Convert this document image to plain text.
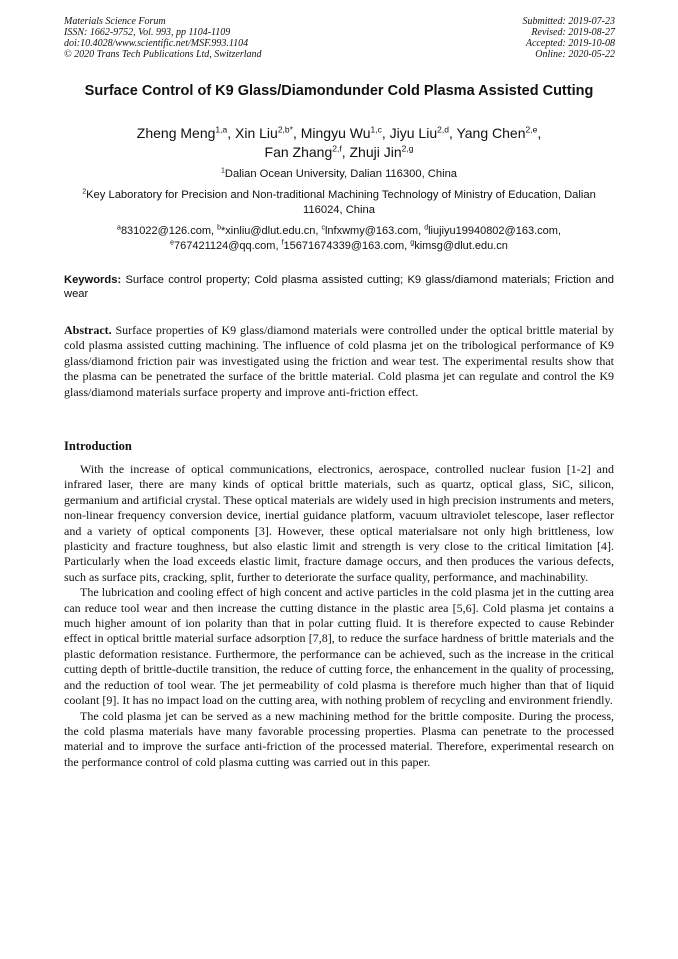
Materials Science Forum
ISSN: 1662-9752, Vol. 993, pp 1104-1109
doi:10.4028/www.scientific.net/MSF.993.1104
© 2020 Trans Tech Publications Ltd, Switzerland
Submitted: 2019-07-23
Revised: 2019-08-27
Accepted: 2019-10-08
Online: 2020-05-22
Surface Control of K9 Glass/Diamondunder Cold Plasma Assisted Cutting
Zheng Meng$^{1,a}$, Xin Liu$^{2,b*}$, Mingyu Wu$^{1,c}$, Jiyu Liu$^{2,d}$, Yang Chen$^{2,e}$,
Fan Zhang$^{2,f}$, Zhuji Jin$^{2,g}$
$^1$Dalian Ocean University, Dalian 116300, China
$^2$Key Laboratory for Precision and Non-traditional Machining Technology of Ministry of Education, Dalian 116024, China
$^a$831022@126.com, $^b$*xinliu@dlut.edu.cn, $^c$lnfxwmy@163.com, $^d$liujiyu19940802@163.com,
$^e$767421124@qq.com, $^f$15671674339@163.com, $^g$kimsg@dlut.edu.cn
Keywords: Surface control property; Cold plasma assisted cutting; K9 glass/diamond materials; Friction and wear

Abstract. Surface properties of K9 glass/diamond materials were controlled under the optical brittle material by cold plasma assisted cutting machining. The influence of cold plasma jet on the tribological performance of K9 glass/diamond friction pair was investigated using the friction and wear test. The experimental results show that the plasma can be penetrated the surface of the brittle material. Cold plasma jet can regulate and control the K9 glass/diamond materials surface property and improve anti-friction effect.

Introduction

With the increase of optical communications, electronics, aerospace, controlled nuclear fusion [1-2] and infrared laser, there are many kinds of optical brittle materials, such as quartz, optical glass, SiC, silicon, germanium and artificial crystal. These optical materials are widely used in high precision instruments and meters, non-linear frequency conversion device, inertial guidance platform, vacuum ultraviolet telescope, laser reflector and a variety of optical components [3]. However, these optical materialsare not only high brittleness, low plasticity and fracture toughness, but also elastic limit and strength is very close to the critical limitation [4]. Particularly when the load exceeds elastic limit, fracture damage occurs, and then produces the various defects, such as surface pits, cracking, split, further to deteriorate the surface quality, performance, and machinability.

The lubrication and cooling effect of high concent and active particles in the cold plasma jet in the cutting area can reduce tool wear and then increase the cutting distance in the plastic area [5,6]. Cold plasma jet contains a much higher amount of ion polarity than that in polar cutting fluid. It is therefore expected to cause Rebinder effect in optical brittle material surface adsorption [7,8], to reduce the surface hardness of brittle materials and the plastic deformation resistance. Furthermore, the performance can be achieved, such as the increase in the critical cutting depth of brittle-ductile transition, the reduce of cutting force, the enhancement in the quality of processing, and the reduction of tool wear. The jet permeability of cold plasma is therefore much higher than that of liquid coolant [9]. It has no impact load on the cutting area, with nothing problem of recycling and environment friendly.

The cold plasma jet can be served as a new machining method for the brittle composite. During the process, the cold plasma materials have many favorable processing properties. Plasma can penetrate to the processed material and to improve the surface anti-friction of the processed material. Therefore, experimental research on the performance control of cold plasma cutting was carried out in this paper.
